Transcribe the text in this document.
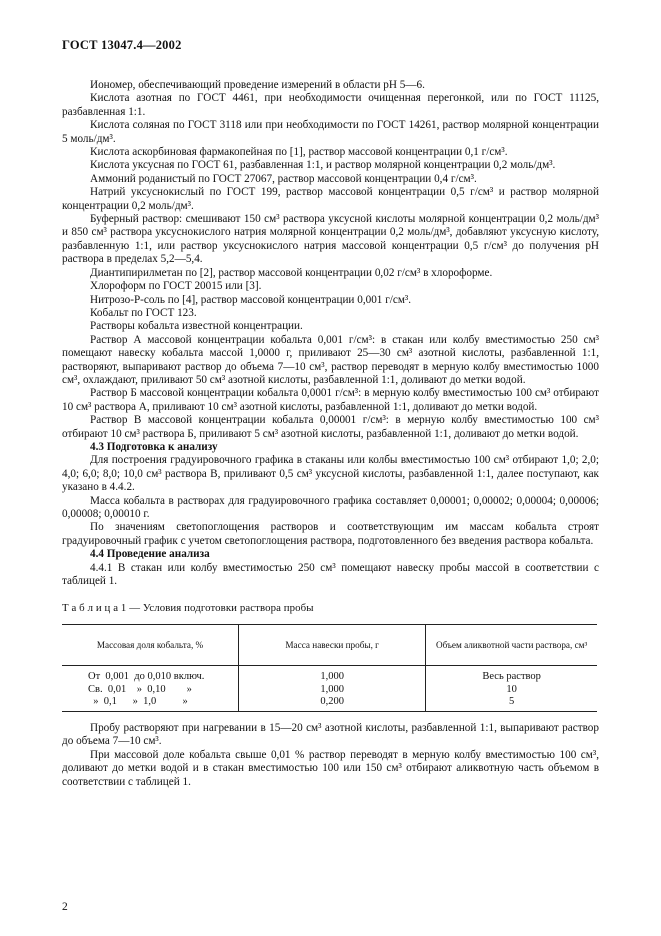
ГОСТ 13047.4—2002

Иономер, обеспечивающий проведение измерений в области pH 5—6.

Кислота азотная по ГОСТ 4461, при необходимости очищенная перегонкой, или по ГОСТ 11125, разбавленная 1:1.

Кислота соляная по ГОСТ 3118 или при необходимости по ГОСТ 14261, раствор молярной концентрации 5 моль/дм³.

Кислота аскорбиновая фармакопейная по [1], раствор массовой концентрации 0,1 г/см³.

Кислота уксусная по ГОСТ 61, разбавленная 1:1, и раствор молярной концентрации 0,2 моль/дм³.

Аммоний роданистый по ГОСТ 27067, раствор массовой концентрации 0,4 г/см³.

Натрий уксуснокислый по ГОСТ 199, раствор массовой концентрации 0,5 г/см³ и раствор молярной концентрации 0,2 моль/дм³.

Буферный раствор: смешивают 150 см³ раствора уксусной кислоты молярной концентрации 0,2 моль/дм³ и 850 см³ раствора уксуснокислого натрия молярной концентрации 0,2 моль/дм³, добавляют уксусную кислоту, разбавленную 1:1, или раствор уксуснокислого натрия массовой концентрации 0,5 г/см³ до получения pH раствора в пределах 5,2—5,4.

Диантипирилметан по [2], раствор массовой концентрации 0,02 г/см³ в хлороформе.

Хлороформ по ГОСТ 20015 или [3].

Нитрозо-Р-соль по [4], раствор массовой концентрации 0,001 г/см³.

Кобальт по ГОСТ 123.

Растворы кобальта известной концентрации.

Раствор А массовой концентрации кобальта 0,001 г/см³: в стакан или колбу вместимостью 250 см³ помещают навеску кобальта массой 1,0000 г, приливают 25—30 см³ азотной кислоты, разбавленной 1:1, растворяют, выпаривают раствор до объема 7—10 см³, раствор переводят в мерную колбу вместимостью 1000 см³, охлаждают, приливают 50 см³ азотной кислоты, разбавленной 1:1, доливают до метки водой.

Раствор Б массовой концентрации кобальта 0,0001 г/см³: в мерную колбу вместимостью 100 см³ отбирают 10 см³ раствора А, приливают 10 см³ азотной кислоты, разбавленной 1:1, доливают до метки водой.

Раствор В массовой концентрации кобальта 0,00001 г/см³: в мерную колбу вместимостью 100 см³ отбирают 10 см³ раствора Б, приливают 5 см³ азотной кислоты, разбавленной 1:1, доливают до метки водой.

4.3 Подготовка к анализу

Для построения градуировочного графика в стаканы или колбы вместимостью 100 см³ отбирают 1,0; 2,0; 4,0; 6,0; 8,0; 10,0 см³ раствора В, приливают 0,5 см³ уксусной кислоты, разбавленной 1:1, далее поступают, как указано в 4.4.2.

Масса кобальта в растворах для градуировочного графика составляет 0,00001; 0,00002; 0,00004; 0,00006; 0,00008; 0,00010 г.

По значениям светопоглощения растворов и соответствующим им массам кобальта строят градуировочный график с учетом светопоглощения раствора, подготовленного без введения раствора кобальта.

4.4 Проведение анализа

4.4.1 В стакан или колбу вместимостью 250 см³ помещают навеску пробы массой в соответствии с таблицей 1.

Т а б л и ц а 1 — Условия подготовки раствора пробы
Массовая доля кобальта, %	Масса навески пробы, г	Объем аликвотной части раствора, см³
От  0,001  до 0,010 включ.	1,000	Весь раствор
Св.  0,01    »  0,10        »	1,000	10
»  0,1      »  1,0          »	0,200	5

Пробу растворяют при нагревании в 15—20 см³ азотной кислоты, разбавленной 1:1, выпаривают раствор до объема 7—10 см³.

При массовой доле кобальта свыше 0,01 % раствор переводят в мерную колбу вместимостью 100 см³, доливают до метки водой и в стакан вместимостью 100 или 150 см³ отбирают аликвотную часть объемом в соответствии с таблицей 1.

2
